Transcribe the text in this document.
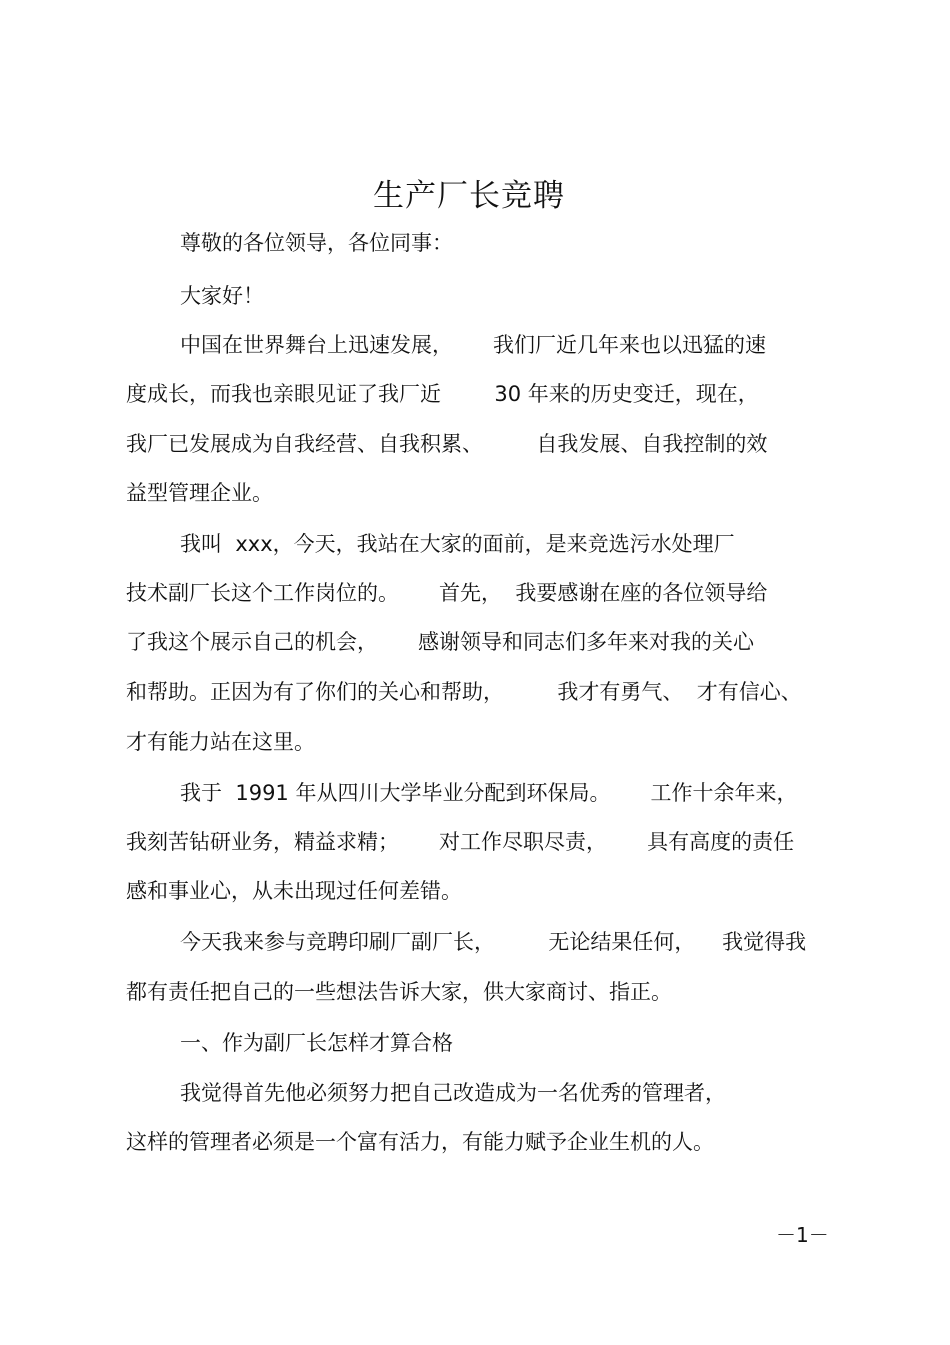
生产厂长竞聘
尊敬的各位领导，各位同事：
大家好！
中国在世界舞台上迅速发展，      我们厂近几年来也以迅猛的速
度成长，而我也亲眼见证了我厂近        30 年来的历史变迁，现在，
我厂已发展成为自我经营、自我积累、        自我发展、自我控制的效
益型管理企业。
我叫  xxx，今天，我站在大家的面前，是来竞选污水处理厂
技术副厂长这个工作岗位的。      首先，  我要感谢在座的各位领导给
了我这个展示自己的机会，      感谢领导和同志们多年来对我的关心
和帮助。正因为有了你们的关心和帮助，        我才有勇气、  才有信心、
才有能力站在这里。
我于  1991 年从四川大学毕业分配到环保局。      工作十余年来，
我刻苦钻研业务，精益求精；      对工作尽职尽责，      具有高度的责任
感和事业心，从未出现过任何差错。
今天我来参与竞聘印刷厂副厂长，        无论结果任何，    我觉得我
都有责任把自己的一些想法告诉大家，供大家商讨、指正。
一、作为副厂长怎样才算合格
我觉得首先他必须努力把自己改造成为一名优秀的管理者，
这样的管理者必须是一个富有活力，有能力赋予企业生机的人。
－1－
